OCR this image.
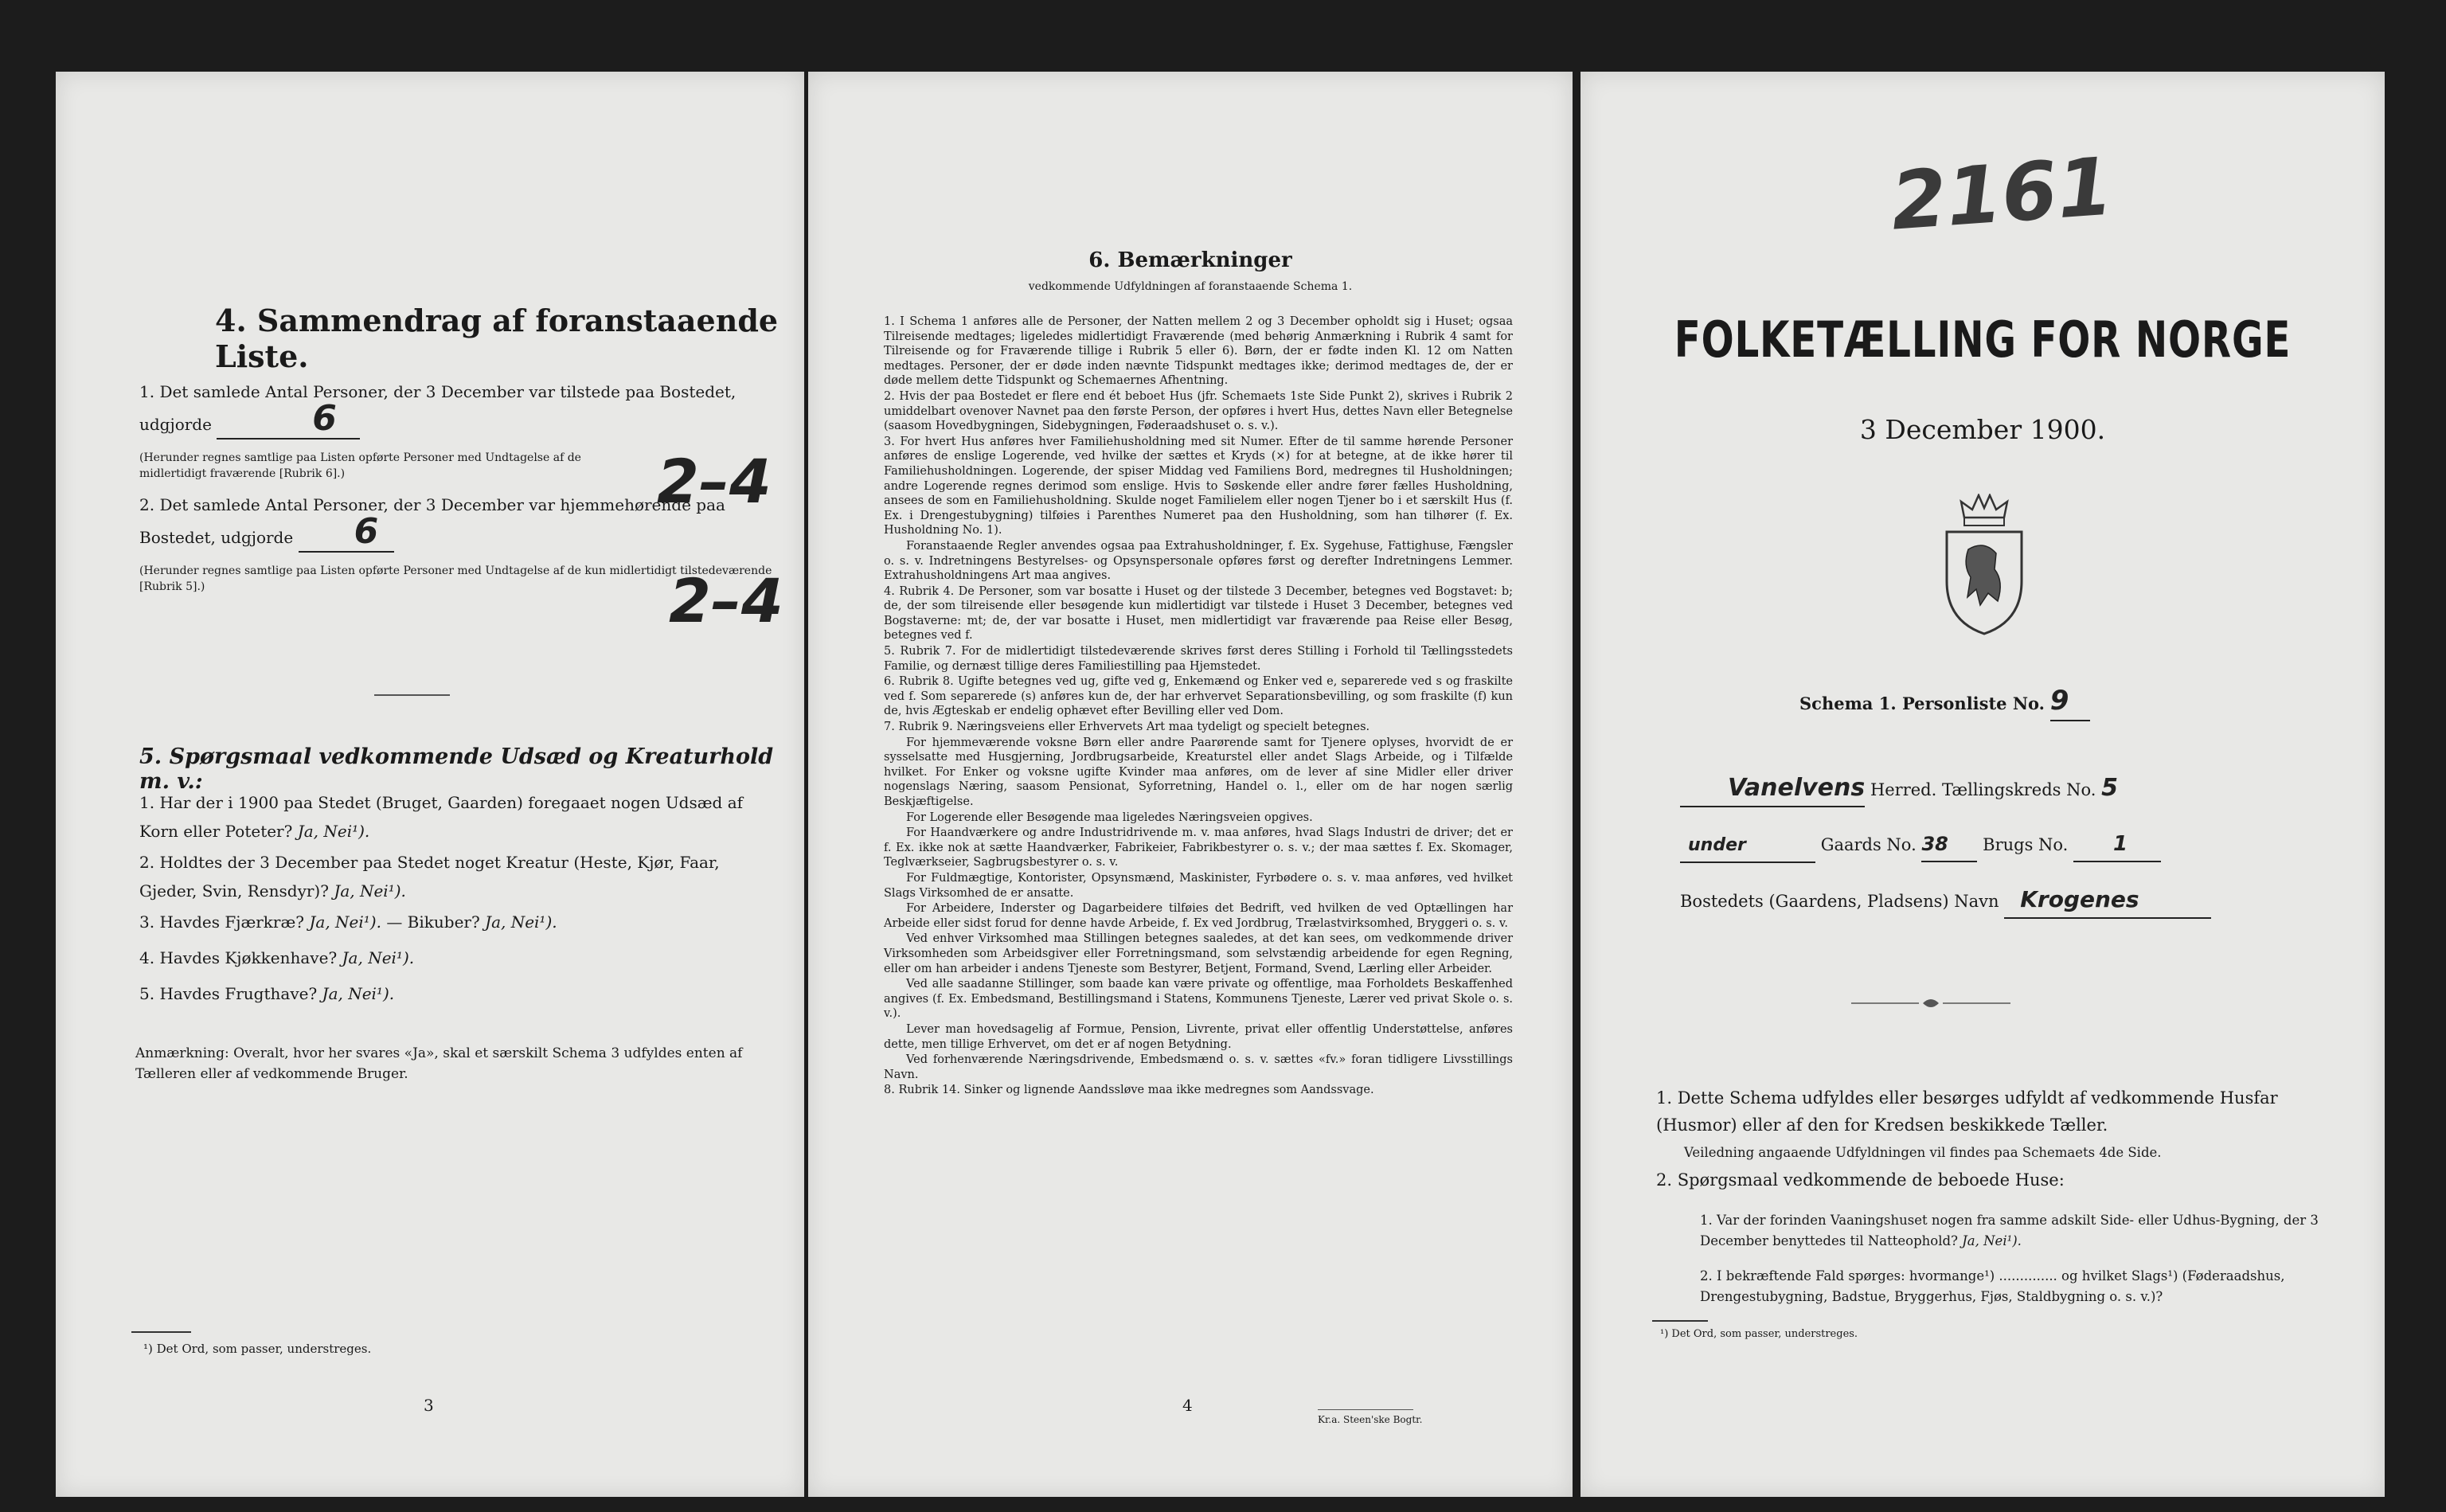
4. Sammendrag af foranstaaende Liste.
1. Det samlede Antal Personer, der 3 December var tilstede paa Bostedet,
udgjorde	6
(Herunder regnes samtlige paa Listen opførte Personer med Undtagelse af de midlertidigt fraværende [Rubrik 6].)
2. Det samlede Antal Personer, der 3 December var hjemmehørende paa
Bostedet, udgjorde 6
(Herunder regnes samtlige paa Listen opførte Personer med Undtagelse af de kun midlertidigt tilstedeværende [Rubrik 5].)
2–4
2–4
5. Spørgsmaal vedkommende Udsæd og Kreaturhold m. v.:
1. Har der i 1900 paa Stedet (Bruget, Gaarden) foregaaet nogen Udsæd af
Korn eller Poteter? Ja, Nei¹).
2. Holdtes der 3 December paa Stedet noget Kreatur (Heste, Kjør, Faar,
Gjeder, Svin, Rensdyr)? Ja, Nei¹).
3. Havdes Fjærkræ? Ja, Nei¹). — Bikuber? Ja, Nei¹).
4. Havdes Kjøkkenhave? Ja, Nei¹).
5. Havdes Frugthave? Ja, Nei¹).
Anmærkning: Overalt, hvor her svares «Ja», skal et særskilt Schema 3 udfyldes enten af Tælleren eller af vedkommende Bruger.
¹) Det Ord, som passer, understreges.
3
6. Bemærkninger
vedkommende Udfyldningen af foranstaaende Schema 1.

1. I Schema 1 anføres alle de Personer, der Natten mellem 2 og 3 December opholdt sig i Huset; ogsaa Tilreisende medtages; ligeledes midlertidigt Fraværende (med behørig Anmærkning i Rubrik 4 samt for Tilreisende og for Fraværende tillige i Rubrik 5 eller 6). Børn, der er fødte inden Kl. 12 om Natten medtages. Personer, der er døde inden nævnte Tidspunkt medtages ikke; derimod medtages de, der er døde mellem dette Tidspunkt og Schemaernes Afhentning.

2. Hvis der paa Bostedet er flere end ét beboet Hus (jfr. Schemaets 1ste Side Punkt 2), skrives i Rubrik 2 umiddelbart ovenover Navnet paa den første Person, der opføres i hvert Hus, dettes Navn eller Betegnelse (saasom Hovedbygningen, Sidebygningen, Føderaadshuset o. s. v.).

3. For hvert Hus anføres hver Familiehusholdning med sit Numer. Efter de til samme hørende Personer anføres de enslige Logerende, ved hvilke der sættes et Kryds (×) for at betegne, at de ikke hører til Familiehusholdningen. Logerende, der spiser Middag ved Familiens Bord, medregnes til Husholdningen; andre Logerende regnes derimod som enslige. Hvis to Søskende eller andre fører fælles Husholdning, ansees de som en Familiehusholdning. Skulde noget Familielem eller nogen Tjener bo i et særskilt Hus (f. Ex. i Drengestubygning) tilføies i Parenthes Numeret paa den Husholdning, som han tilhører (f. Ex. Husholdning No. 1).

Foranstaaende Regler anvendes ogsaa paa Extrahusholdninger, f. Ex. Sygehuse, Fattighuse, Fængsler o. s. v. Indretningens Bestyrelses- og Opsynspersonale opføres først og derefter Indretningens Lemmer. Extrahusholdningens Art maa angives.

4. Rubrik 4. De Personer, som var bosatte i Huset og der tilstede 3 December, betegnes ved Bogstavet: b; de, der som tilreisende eller besøgende kun midlertidigt var tilstede i Huset 3 December, betegnes ved Bogstaverne: mt; de, der var bosatte i Huset, men midlertidigt var fraværende paa Reise eller Besøg, betegnes ved f.

5. Rubrik 7. For de midlertidigt tilstedeværende skrives først deres Stilling i Forhold til Tællingsstedets Familie, og dernæst tillige deres Familiestilling paa Hjemstedet.

6. Rubrik 8. Ugifte betegnes ved ug, gifte ved g, Enkemænd og Enker ved e, separerede ved s og fraskilte ved f. Som separerede (s) anføres kun de, der har erhvervet Separationsbevilling, og som fraskilte (f) kun de, hvis Ægteskab er endelig ophævet efter Bevilling eller ved Dom.

7. Rubrik 9. Næringsveiens eller Erhvervets Art maa tydeligt og specielt betegnes.

For hjemmeværende voksne Børn eller andre Paarørende samt for Tjenere oplyses, hvorvidt de er sysselsatte med Husgjerning, Jordbrugsarbeide, Kreaturstel eller andet Slags Arbeide, og i Tilfælde hvilket. For Enker og voksne ugifte Kvinder maa anføres, om de lever af sine Midler eller driver nogenslags Næring, saasom Pensionat, Syforretning, Handel o. l., eller om de har nogen særlig Beskjæftigelse.

For Logerende eller Besøgende maa ligeledes Næringsveien opgives.

For Haandværkere og andre Industridrivende m. v. maa anføres, hvad Slags Industri de driver; det er f. Ex. ikke nok at sætte Haandværker, Fabrikeier, Fabrikbestyrer o. s. v.; der maa sættes f. Ex. Skomager, Teglværkseier, Sagbrugsbestyrer o. s. v.

For Fuldmægtige, Kontorister, Opsynsmænd, Maskinister, Fyrbødere o. s. v. maa anføres, ved hvilket Slags Virksomhed de er ansatte.

For Arbeidere, Inderster og Dagarbeidere tilføies det Bedrift, ved hvilken de ved Optællingen har Arbeide eller sidst forud for denne havde Arbeide, f. Ex ved Jordbrug, Trælastvirksomhed, Bryggeri o. s. v.

Ved enhver Virksomhed maa Stillingen betegnes saaledes, at det kan sees, om vedkommende driver Virksomheden som Arbeidsgiver eller Forretningsmand, som selvstændig arbeidende for egen Regning, eller om han arbeider i andens Tjeneste som Bestyrer, Betjent, Formand, Svend, Lærling eller Arbeider.

Ved alle saadanne Stillinger, som baade kan være private og offentlige, maa Forholdets Beskaffenhed angives (f. Ex. Embedsmand, Bestillingsmand i Statens, Kommunens Tjeneste, Lærer ved privat Skole o. s. v.).

Lever man hovedsagelig af Formue, Pension, Livrente, privat eller offentlig Understøttelse, anføres dette, men tillige Erhvervet, om det er af nogen Betydning.

Ved forhenværende Næringsdrivende, Embedsmænd o. s. v. sættes «fv.» foran tidligere Livsstillings Navn.

8. Rubrik 14. Sinker og lignende Aandssløve maa ikke medregnes som Aandssvage.

4
Kr.a. Steen'ske Bogtr.
2161
FOLKETÆLLING FOR NORGE
3 December 1900.
Schema 1. Personliste No. 9
Vanelvens Herred. Tællingskreds No. 5
under	Gaards No. 38 Brugs No. 1
Bostedets (Gaardens, Pladsens) Navn Krogenes
1. Dette Schema udfyldes eller besørges udfyldt af vedkommende Husfar (Husmor) eller af den for Kredsen beskikkede Tæller.
Veiledning angaaende Udfyldningen vil findes paa Schemaets 4de Side.
2. Spørgsmaal vedkommende de beboede Huse:
1. Var der forinden Vaaningshuset nogen fra samme adskilt Side- eller Udhus-Bygning, der 3 December benyttedes til Natteophold? Ja, Nei¹).
2. I bekræftende Fald spørges: hvormange¹) .............. og hvilket Slags¹) (Føderaadshus, Drengestubygning, Badstue, Bryggerhus, Fjøs, Staldbygning o. s. v.)?
¹) Det Ord, som passer, understreges.
